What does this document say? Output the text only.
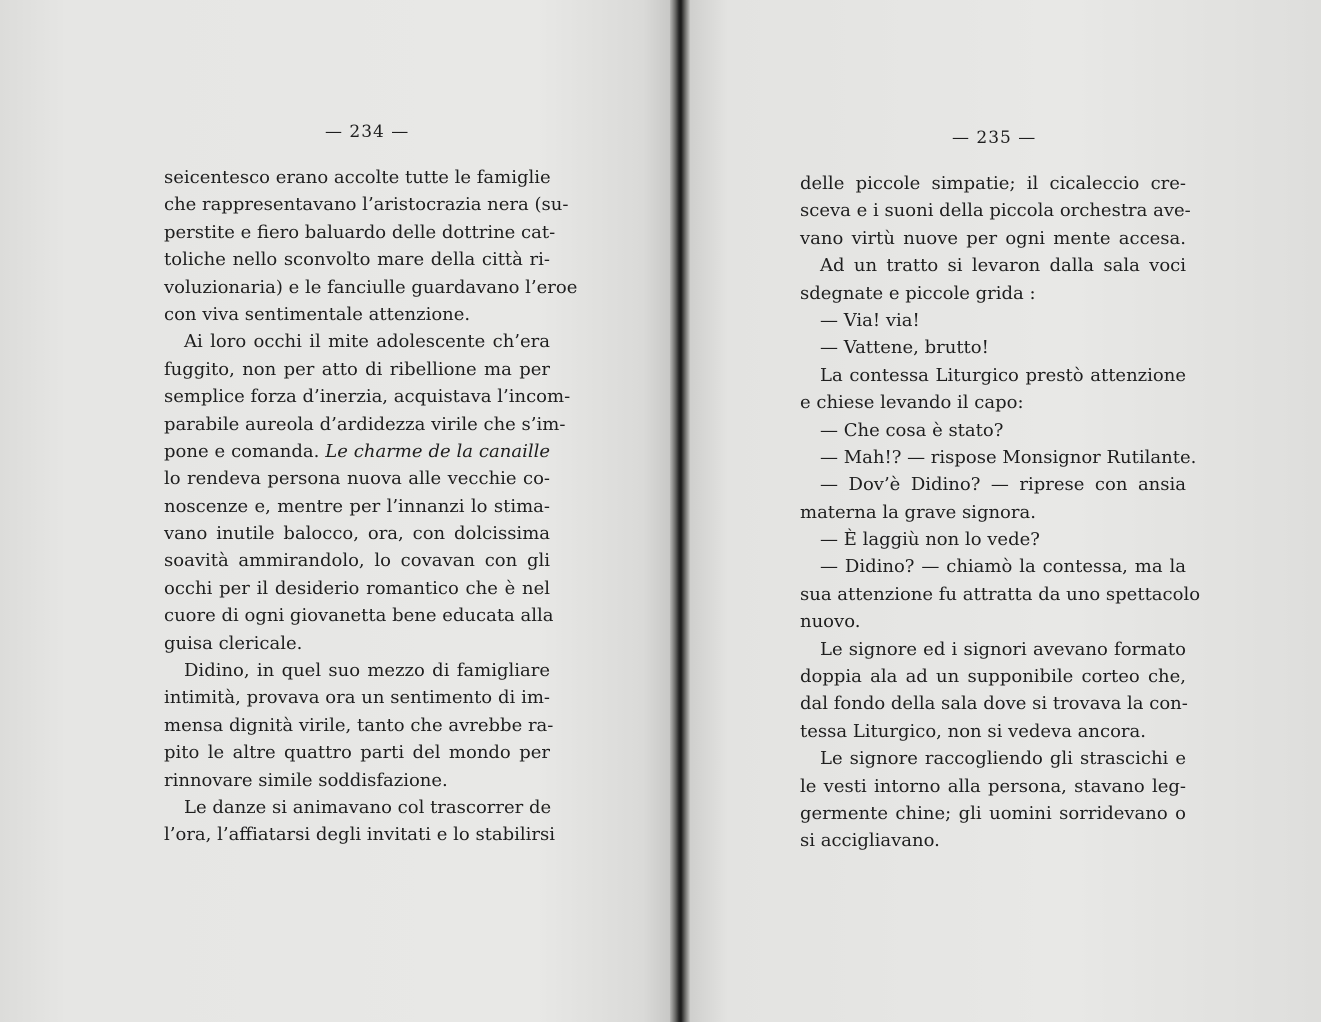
— 234 —
seicentesco erano accolte tutte le famiglie
che rappresentavano l’aristocrazia nera (su-
perstite e fiero baluardo delle dottrine cat-
toliche nello sconvolto mare della città ri-
voluzionaria) e le fanciulle guardavano l’eroe
con viva sentimentale attenzione.
Ai loro occhi il mite adolescente ch’era
fuggito, non per atto di ribellione ma per
semplice forza d’inerzia, acquistava l’incom-
parabile aureola d’ardidezza virile che s’im-
pone e comanda. Le charme de la canaille
lo rendeva persona nuova alle vecchie co-
noscenze e, mentre per l’innanzi lo stima-
vano inutile balocco, ora, con dolcissima
soavità ammirandolo, lo covavan con gli
occhi per il desiderio romantico che è nel
cuore di ogni giovanetta bene educata alla
guisa clericale.
Didino, in quel suo mezzo di famigliare
intimità, provava ora un sentimento di im-
mensa dignità virile, tanto che avrebbe ra-
pito le altre quattro parti del mondo per
rinnovare simile soddisfazione.
Le danze si animavano col trascorrer de
l’ora, l’affiatarsi degli invitati e lo stabilirsi
— 235 —
delle piccole simpatie; il cicaleccio cre-
sceva e i suoni della piccola orchestra ave-
vano virtù nuove per ogni mente accesa.
Ad un tratto si levaron dalla sala voci
sdegnate e piccole grida :
— Via! via!
— Vattene, brutto!
La contessa Liturgico prestò attenzione
e chiese levando il capo:
— Che cosa è stato?
— Mah!? — rispose Monsignor Rutilante.
— Dov’è Didino? — riprese con ansia
materna la grave signora.
— È laggiù non lo vede?
— Didino? — chiamò la contessa, ma la
sua attenzione fu attratta da uno spettacolo
nuovo.
Le signore ed i signori avevano formato
doppia ala ad un supponibile corteo che,
dal fondo della sala dove si trovava la con-
tessa Liturgico, non si vedeva ancora.
Le signore raccogliendo gli strascichi e
le vesti intorno alla persona, stavano leg-
germente chine; gli uomini sorridevano o
si accigliavano.
